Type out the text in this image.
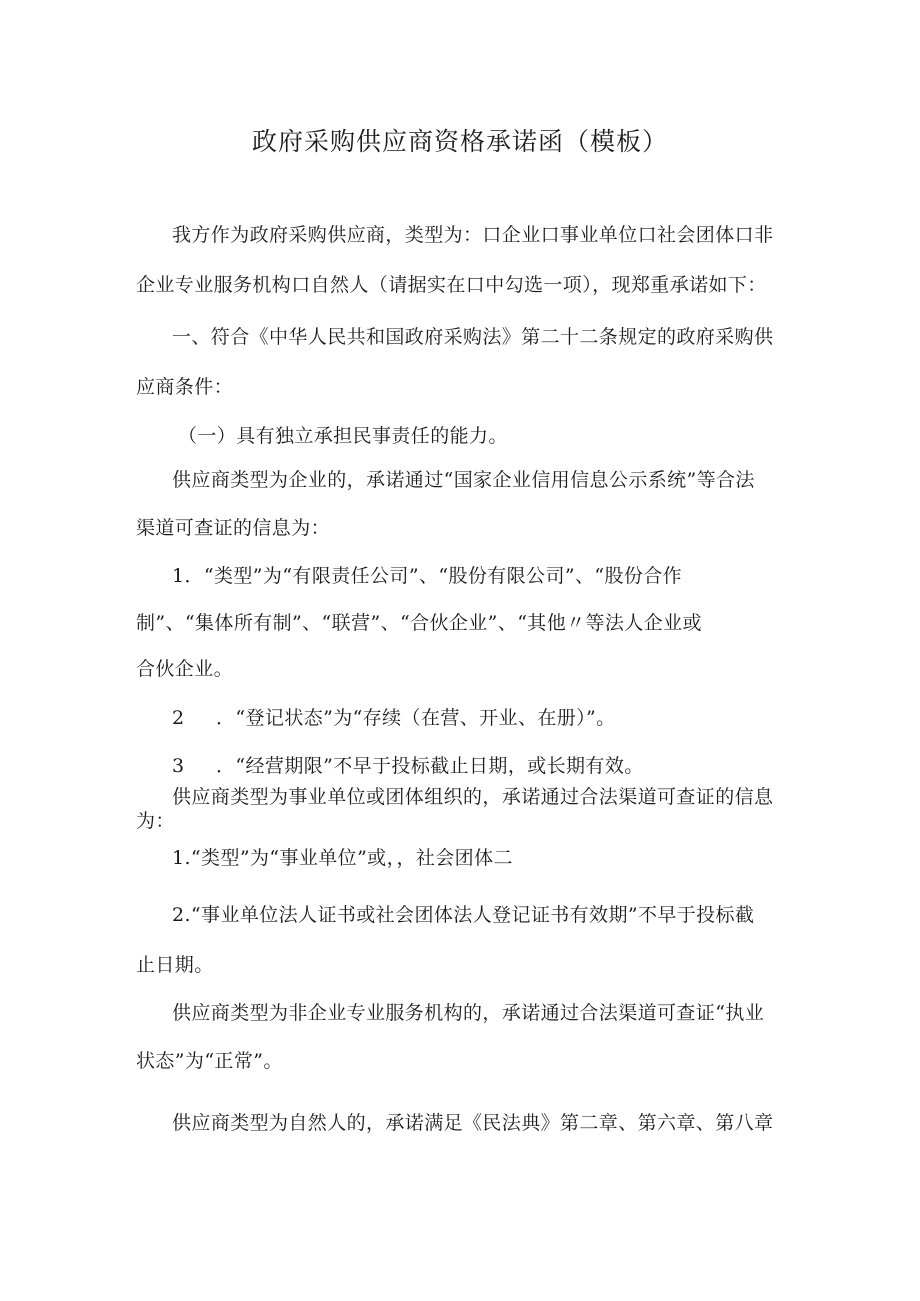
政府采购供应商资格承诺函（模板）
我方作为政府采购供应商，类型为：口企业口事业单位口社会团体口非
企业专业服务机构口自然人（请据实在口中勾选一项），现郑重承诺如下：
一、符合《中华人民共和国政府采购法》第二十二条规定的政府采购供
应商条件：
（一）具有独立承担民事责任的能力。
供应商类型为企业的，承诺通过“国家企业信用信息公示系统”等合法
渠道可查证的信息为：
1．“类型”为“有限责任公司”、“股份有限公司”、“股份合作
制”、“集体所有制”、“联营”、“合伙企业”、“其他〃等法人企业或
合伙企业。
2 ．“登记状态”为“存续（在营、开业、在册）”。
3 ．“经营期限”不早于投标截止日期，或长期有效。
供应商类型为事业单位或团体组织的，承诺通过合法渠道可查证的信息
为：
1.“类型”为“事业单位”或，，社会团体二
2.“事业单位法人证书或社会团体法人登记证书有效期”不早于投标截
止日期。
供应商类型为非企业专业服务机构的，承诺通过合法渠道可查证“执业
状态”为“正常”。
供应商类型为自然人的，承诺满足《民法典》第二章、第六章、第八章
